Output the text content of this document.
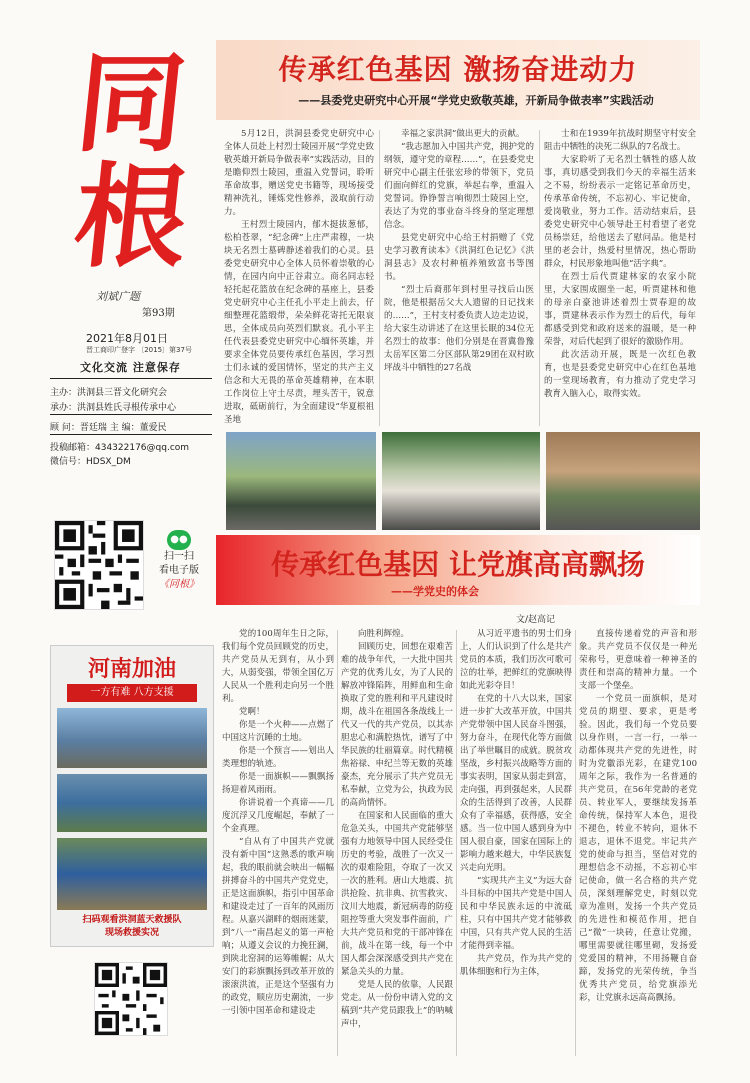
同
根
刘斌广题
第93期
2021年8月01日
晋工商印广登字 〔2015〕第37号
文化交流 注意保存
主办：洪洞县三晋文化研究会
承办：洪洞县姓氏寻根传承中心
顾 问：晋廷瑞 主 编：董爱民
投稿邮箱：434322176@qq.com
微信号：HDSX_DM
●●
扫一扫
看电子版
《同根》
河南加油
一方有难 八方支援
扫码观看洪洞蓝天救援队
现场救援实况
传承红色基因 激扬奋进动力
——县委党史研究中心开展“学党史致敬英雄，开新局争做表率”实践活动

5月12日，洪洞县委党史研究中心全体人员赴上村烈士陵园开展“学党史致敬英雄开新局争做表率”实践活动，目的是瞻仰烈士陵园，重温入党誓词，聆听革命故事，赠送党史书籍等，现场接受精神洗礼，锤炼党性修养，汲取前行动力。

王村烈士陵园内，郁木挺拔葱郁，松柏苍翠，“纪念碑”上庄严肃穆，一块块无名烈士墓碑静述着我们的心灵。县委党史研究中心全体人员怀着崇敬的心情，在园内向中正谷肃立。商名同志轻轻托起花篮放在纪念碑的基座上，县委党史研究中心主任孔小平走上前去，仔细整理花篮缎带，朵朵鲜花寄托无限哀思，全体成员向英烈们默哀。孔小平主任代表县委党史研究中心缅怀英雄，并要求全体党员要传承红色基因，学习烈士们永诚的爱国情怀，坚定的共产主义信念和大无畏的革命英雄精神，在本职工作岗位上守土尽责，埋头苦干，锐意进取，砥砺前行，为全面建设“华夏根祖圣地

幸福之家洪洞”做出更大的贡献。

“我志愿加入中国共产党，拥护党的纲领，遵守党的章程……”，在县委党史研究中心副主任张宏珍的带领下，党员们面向鲜红的党旗，举起右拳，重温入党誓词。铮铮誓言响彻烈士陵园上空，表达了为党的事业奋斗终身的坚定理想信念。

县党史研究中心给王村捐赠了《党史学习教育读本》《洪洞红色记忆》《洪洞县志》及农村种植养殖致富书等图书。

“烈士后裔那年到村里寻找后山医院，他是根据岳父大人遗留的日记找来的……”，王村支村委负责人边走边说，给大家生动讲述了在这里长眠的34位无名烈士的故事：他们分别是在晋冀鲁豫太岳军区第二分区部队第29团在双村欧坪战斗中牺牲的27名战

士和在1939年抗战时期坚守村安全阻击中牺牲的决死二纵队的7名战士。

大家聆听了无名烈士牺牲的感人故事，真切感受到我们今天的幸福生活来之不易，纷纷表示一定铭记革命历史，传承革命传统，不忘初心、牢记使命，爱岗敬业，努力工作。活动结束后，县委党史研究中心领导赴王村看望了老党员杨崇廷，给他送去了慰问品。他是村里的老会计，热爱村里情况，热心帮助群众，村民形象地叫他“活字典”。

在烈士后代贾建林家的农家小院里，大家围成圈坐一起，听贾建林和他的母亲白豪池讲述着烈士贾春迎的故事，贾建林表示作为烈士的后代，每年都感受到党和政府送来的温暖，是一种荣誉，对后代起到了很好的激励作用。

此次活动开展，既是一次红色教育，也是县委党史研究中心在红色基地的一堂现场教育，有力推动了党史学习教育入脑入心，取得实效。

传承红色基因 让党旗高高飘扬
——学党史的体会
文/赵高记

党的100周年生日之际，我们每个党员回顾党的历史，共产党员从无到有，从小到大，从弱变强，带领全国亿万人民从一个胜利走向另一个胜利。

党啊！

你是一个火种——点燃了中国这片沉睡的土地。

你是一个预言——划出人类理想的轨迹。

你是一面旗帜——飘飘扬扬迎着风雨雨。

你讲说着一个真谛——几度沉浮又几度崛起，奉献了一个金真理。

“自从有了中国共产党就没有新中国”这熟悉的歌声响起，我的眼前就会映出一幅幅拼搏奋斗的中国共产党党史，正是这面旗帜，指引中国革命和建设走过了一百年的风雨历程。从嘉兴湖畔的烟雨迷蒙，到“八一”南昌起义的第一声枪响；从遵义会议的力挽狂澜，到陕北窑洞的运筹帷幄；从大安门的彩旗飘扬到改革开放的滚滚洪流，正是这个坚强有力的政党，顺应历史潮流，一步一引领中国革命和建设走

向胜利辉煌。

回顾历史，回想在艰难苦难的战争年代，一大批中国共产党的优秀儿女，为了人民的解放冲锋陷阵，用鲜血和生命换取了党的胜利和平凡建设时期，战斗在祖国各条战线上一代又一代的共产党员，以其赤胆忠心和满腔热忱，谱写了中华民族的壮丽篇章。时代精模焦裕禄、申纪兰等无数的英雄豪杰，充分展示了共产党员无私奉献，立党为公，执政为民的高尚情怀。

在国家和人民面临的重大危急关头，中国共产党能够坚强有力地领导中国人民经受住历史的考验，战胜了一次又一次的艰难险阻，夺取了一次又一次的胜利。唐山大地震、抗洪抢险、抗非典、抗雪救灾、汶川大地震，新冠病毒的防疫阻控等重大突发事件面前，广大共产党员和党的干部冲锋在前，战斗在第一线，每一个中国人都会深深感受到共产党在紧急关头的力量。

党是人民的依靠，人民跟党走。从一份份申请入党的文稿到“共产党员跟我上”的呐喊声中，

从习近平遗书的男士们身上，人们认识到了什么是共产党员的本质，我们历次可歌可泣的壮举，把鲜红的党旗映得如此光彩夺目！

在党的十八大以来，国家进一步扩大改革开放，中国共产党带领中国人民奋斗图强，努力奋斗，在现代化等方面做出了举世瞩目的成就。脱贫攻坚战，乡村振兴战略等方面的事实表明，国家从弱走到富，走向强，再到强起来，人民群众的生活得到了改善，人民群众有了幸福感，获得感，安全感。当一位中国人感到身为中国人很自豪，国家在国际上的影响力越来越大，中华民族复兴走向光明。

“实现共产主义”为远大奋斗目标的中国共产党是中国人民和中华民族永远的中流砥柱，只有中国共产党才能够救中国，只有共产党人民的生活才能得到幸福。

共产党员，作为共产党的肌体细胞和行为主体，

直接传递着党的声音和形象。共产党员不仅仅是一种光荣称号，更意味着一种神圣的责任和崇高的精神力量。一个支部一个堡垒。

一个党员一面旗帜，是对党员的期望、要求，更是考验。因此，我们每一个党员要以身作则，一言一行，一举一动都体现共产党的先进性，时时为党徽添光彩，在建党100周年之际，我作为一名普通的共产党员，在56年党龄的老党员、转业军人，要继续发扬革命传统，保持军人本色，退役不褪色，转业不转向，退休不退志，退休不退党。牢记共产党的使命与担当，坚信对党的理想信念不动摇，不忘初心牢记使命，做一名合格的共产党员，深刻理解党史，时刻以党章为准则，发扬一个共产党员的先进性和模范作用，把自己“微”一块砖，任意让党搬，哪里需要就往哪里砌，发扬爱党爱国的精神，不用扬鞭自奋蹄，发扬党的光荣传统，争当优秀共产党员，给党旗添光彩，让党旗永远高高飘扬。
